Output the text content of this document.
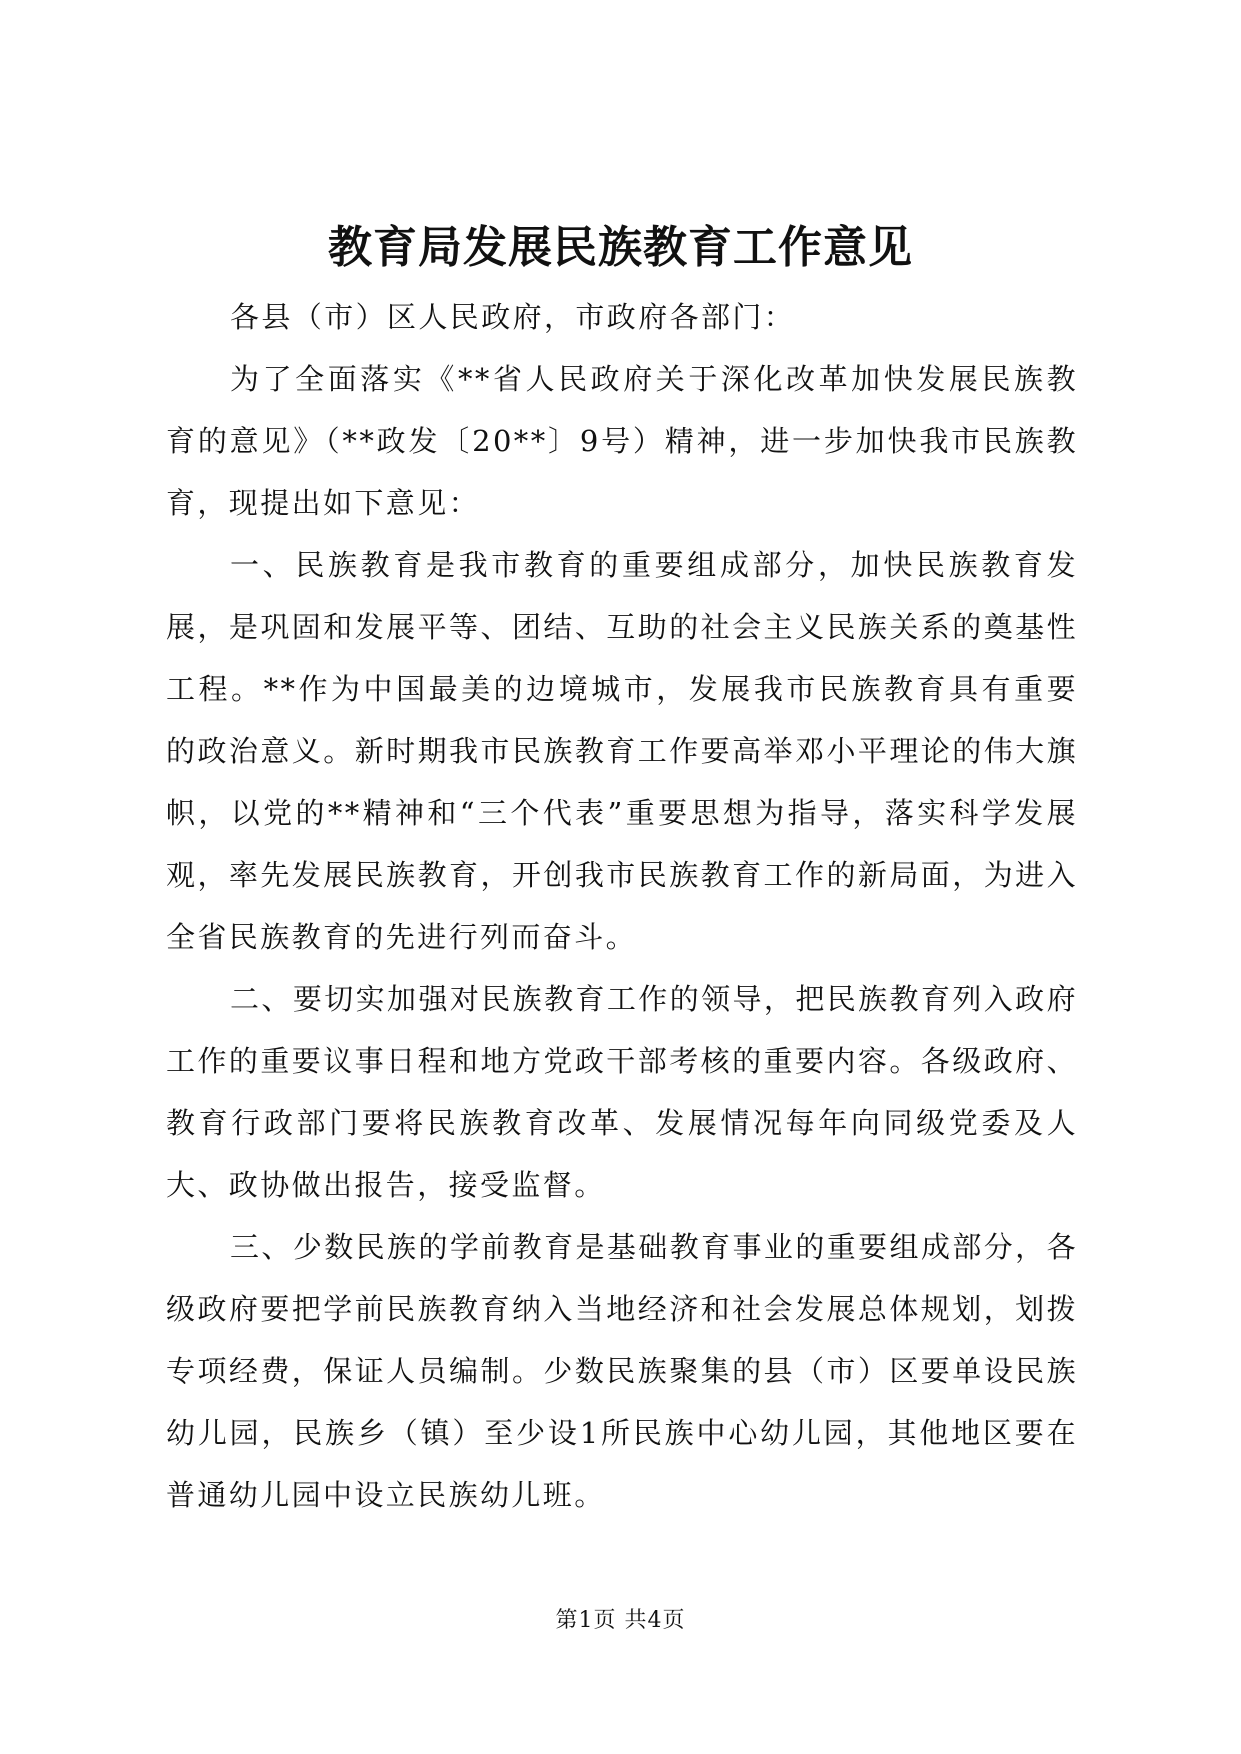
教育局发展民族教育工作意见

各县（市）区人民政府，市政府各部门：

为了全面落实《**省人民政府关于深化改革加快发展民族教育的意见》（**政发〔20**〕9号）精神，进一步加快我市民族教育，现提出如下意见：

一、民族教育是我市教育的重要组成部分，加快民族教育发展，是巩固和发展平等、团结、互助的社会主义民族关系的奠基性工程。**作为中国最美的边境城市，发展我市民族教育具有重要的政治意义。新时期我市民族教育工作要高举邓小平理论的伟大旗帜，以党的**精神和“三个代表”重要思想为指导，落实科学发展观，率先发展民族教育，开创我市民族教育工作的新局面，为进入全省民族教育的先进行列而奋斗。

二、要切实加强对民族教育工作的领导，把民族教育列入政府工作的重要议事日程和地方党政干部考核的重要内容。各级政府、教育行政部门要将民族教育改革、发展情况每年向同级党委及人大、政协做出报告，接受监督。

三、少数民族的学前教育是基础教育事业的重要组成部分，各级政府要把学前民族教育纳入当地经济和社会发展总体规划，划拨专项经费，保证人员编制。少数民族聚集的县（市）区要单设民族幼儿园，民族乡（镇）至少设1所民族中心幼儿园，其他地区要在普通幼儿园中设立民族幼儿班。

第1页 共4页
